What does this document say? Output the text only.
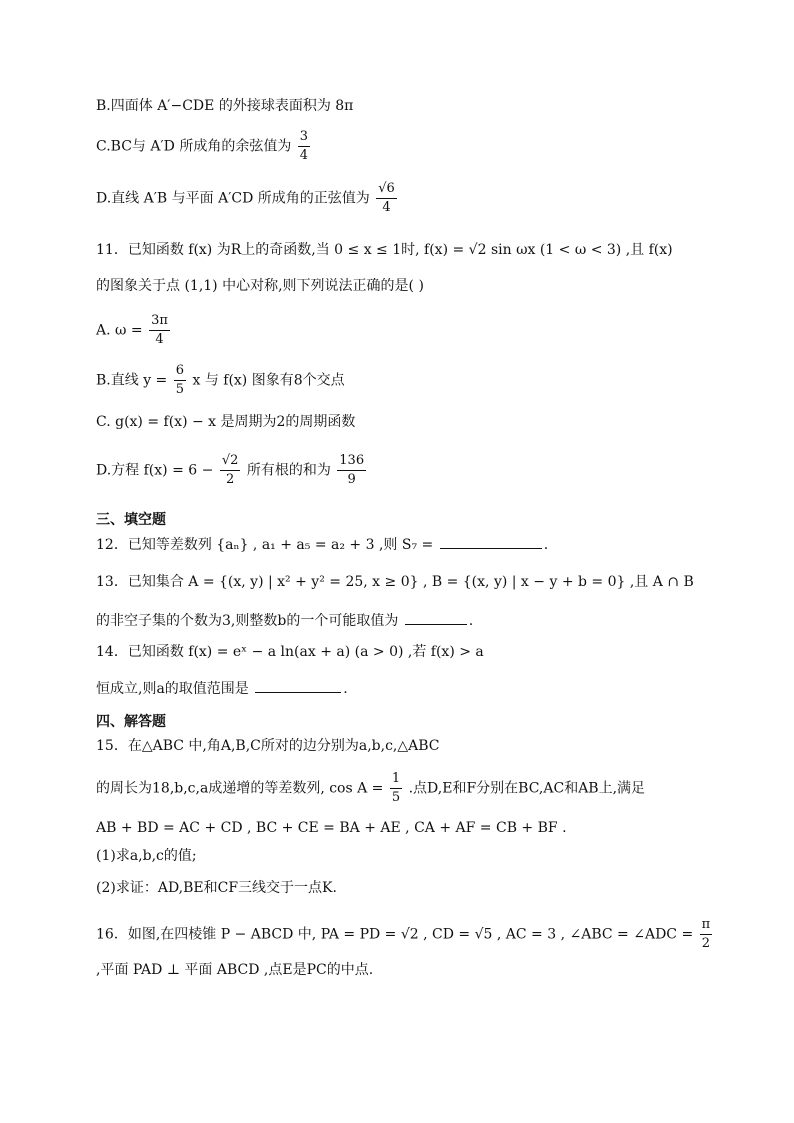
B.四面体 A′−CDE 的外接球表面积为 8π
C.BC与 A′D 所成角的余弦值为 $\frac{3}{4}$
D.直线 A′B 与平面 A′CD 所成角的正弦值为 $\frac{√6}{4}$
11．已知函数 f(x) 为R上的奇函数,当 0 ≤ x ≤ 1时, f(x) = √2 sin ωx (1 < ω < 3) ,且 f(x)
的图象关于点 (1,1) 中心对称,则下列说法正确的是( )
A. $\omega = \frac{3\pi}{4}$
B.直线 $y = \frac{6}{5}$ x 与 f(x) 图象有8个交点
C. g(x) = f(x) − x 是周期为2的周期函数
D.方程 $f(x) = 6 - \frac{√2}{2}$ 所有根的和为 $\frac{136}{9}$
三、填空题
12．已知等差数列 {aₙ} , a₁ + a₅ = a₂ + 3 ,则 S₇ =	.
13．已知集合 A = {(x, y) | x² + y² = 25, x ≥ 0} , B = {(x, y) | x − y + b = 0} ,且 A ∩ B
的非空子集的个数为3,则整数b的一个可能取值为	.
14．已知函数 f(x) = eˣ − a ln(ax + a) (a > 0) ,若 f(x) > a
恒成立,则a的取值范围是	.
四、解答题
15．在△ABC 中,角A,B,C所对的边分别为a,b,c,△ABC
的周长为18,b,c,a成递增的等差数列, $\cos A = \frac{1}{5}$ .点D,E和F分别在BC,AC和AB上,满足
AB + BD = AC + CD , BC + CE = BA + AE , CA + AF = CB + BF .
(1)求a,b,c的值;
(2)求证：AD,BE和CF三线交于一点K.
16．如图,在四棱锥 P − ABCD 中, PA = PD = √2 , CD = √5 , AC = 3 , ∠ABC = ∠ADC = $\frac{\pi}{2}$
,平面 PAD ⊥ 平面 ABCD ,点E是PC的中点.
